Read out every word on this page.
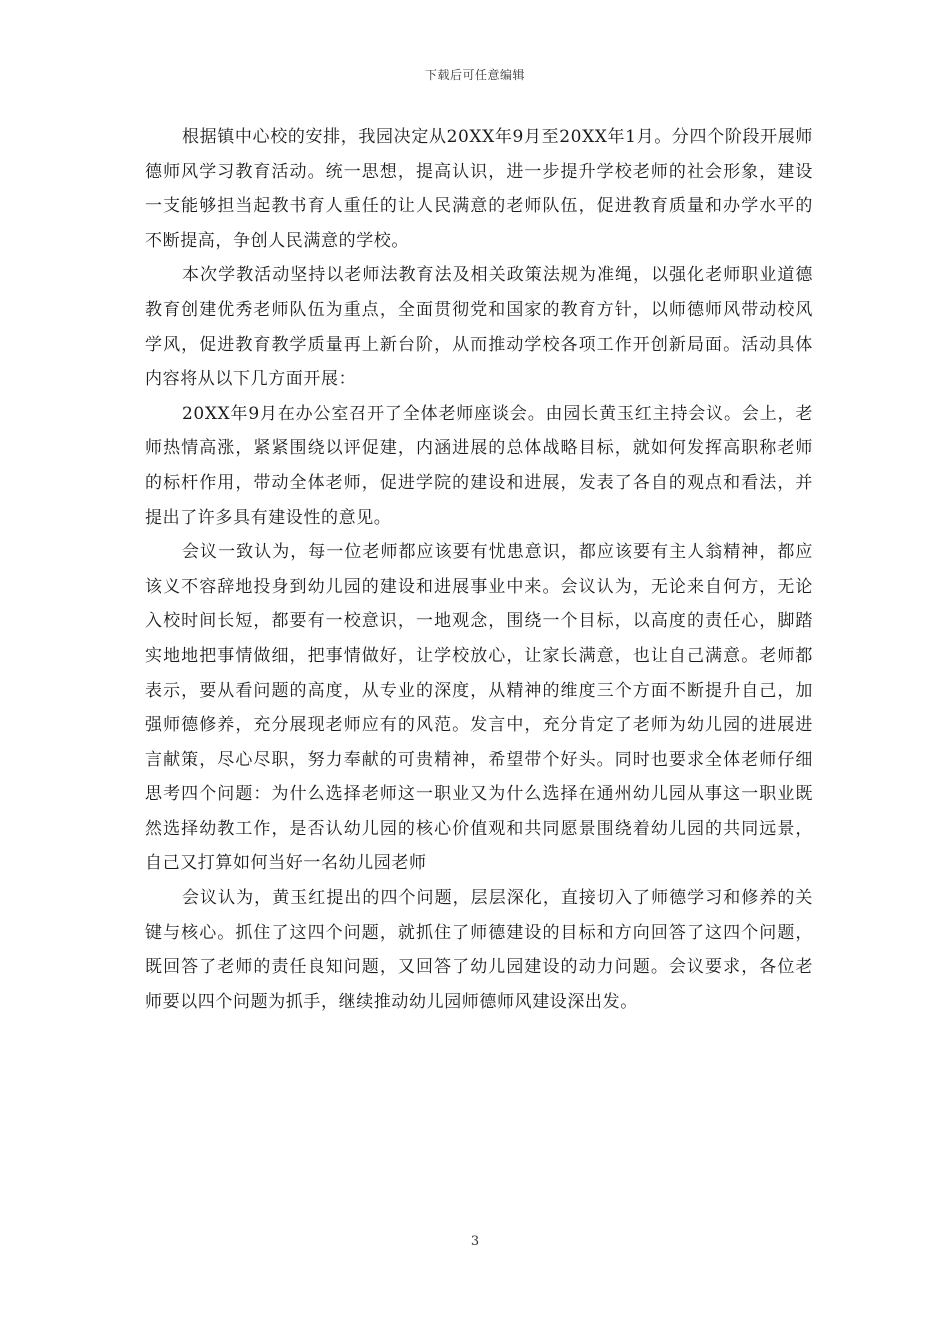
下载后可任意编辑

根据镇中心校的安排，我园决定从20XX年9月至20XX年1月。分四个阶段开展师德师风学习教育活动。统一思想，提高认识，进一步提升学校老师的社会形象，建设一支能够担当起教书育人重任的让人民满意的老师队伍，促进教育质量和办学水平的不断提高，争创人民满意的学校。

本次学教活动坚持以老师法教育法及相关政策法规为准绳，以强化老师职业道德教育创建优秀老师队伍为重点，全面贯彻党和国家的教育方针，以师德师风带动校风学风，促进教育教学质量再上新台阶，从而推动学校各项工作开创新局面。活动具体内容将从以下几方面开展：

20XX年9月在办公室召开了全体老师座谈会。由园长黄玉红主持会议。会上，老师热情高涨，紧紧围绕以评促建，内涵进展的总体战略目标，就如何发挥高职称老师的标杆作用，带动全体老师，促进学院的建设和进展，发表了各自的观点和看法，并提出了许多具有建设性的意见。

会议一致认为，每一位老师都应该要有忧患意识，都应该要有主人翁精神，都应该义不容辞地投身到幼儿园的建设和进展事业中来。会议认为，无论来自何方，无论入校时间长短，都要有一校意识，一地观念，围绕一个目标，以高度的责任心，脚踏实地地把事情做细，把事情做好，让学校放心，让家长满意，也让自己满意。老师都表示，要从看问题的高度，从专业的深度，从精神的维度三个方面不断提升自己，加强师德修养，充分展现老师应有的风范。发言中，充分肯定了老师为幼儿园的进展进言献策，尽心尽职，努力奉献的可贵精神，希望带个好头。同时也要求全体老师仔细思考四个问题：为什么选择老师这一职业又为什么选择在通州幼儿园从事这一职业既然选择幼教工作，是否认幼儿园的核心价值观和共同愿景围绕着幼儿园的共同远景，自己又打算如何当好一名幼儿园老师

会议认为，黄玉红提出的四个问题，层层深化，直接切入了师德学习和修养的关键与核心。抓住了这四个问题，就抓住了师德建设的目标和方向回答了这四个问题，既回答了老师的责任良知问题，又回答了幼儿园建设的动力问题。会议要求，各位老师要以四个问题为抓手，继续推动幼儿园师德师风建设深出发。

3
